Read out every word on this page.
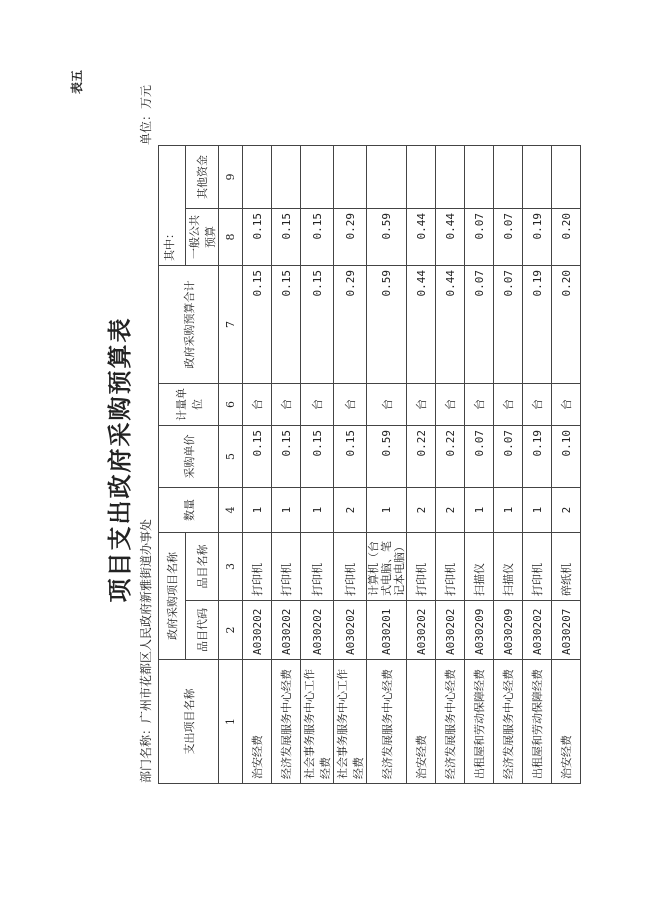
表五
项目支出政府采购预算表
部门名称：广州市花都区人民政府新雅街道办事处
单位：万元
支出项目名称	政府采购项目名称		数量	采购单价	计量单位	政府采购预算合计	其中：	
	品目代码	品目名称					一般公共预算	其他资金
1	2	3	4	5	6	7	8	9
治安经费	A030202	打印机	1	0.15	台	0.15	0.15	
经济发展服务中心经费	A030202	打印机	1	0.15	台	0.15	0.15	
社会事务服务中心工作经费	A030202	打印机	1	0.15	台	0.15	0.15	
社会事务服务中心工作经费	A030202	打印机	2	0.15	台	0.29	0.29	
经济发展服务中心经费	A030201	计算机（台式电脑、笔记本电脑）	1	0.59	台	0.59	0.59	
治安经费	A030202	打印机	2	0.22	台	0.44	0.44	
经济发展服务中心经费	A030202	打印机	2	0.22	台	0.44	0.44	
出租屋和劳动保障经费	A030209	扫描仪	1	0.07	台	0.07	0.07	
经济发展服务中心经费	A030209	扫描仪	1	0.07	台	0.07	0.07	
出租屋和劳动保障经费	A030202	打印机	1	0.19	台	0.19	0.19	
治安经费	A030207	碎纸机	2	0.10	台	0.20	0.20	
